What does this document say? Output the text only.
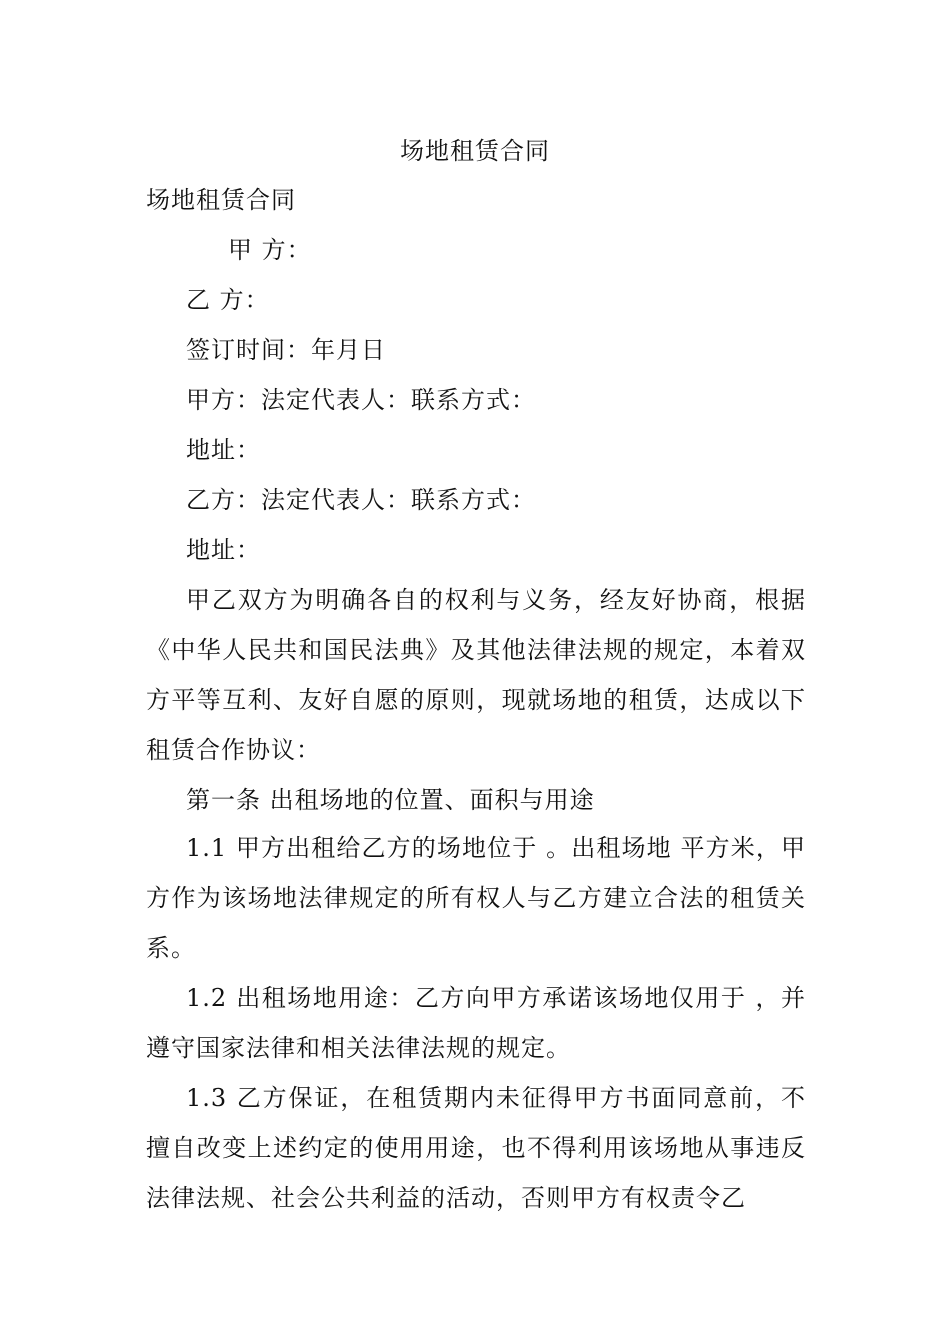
场地租赁合同
场地租赁合同
甲 方：
乙 方：
签订时间：年月日
甲方：法定代表人：联系方式：
地址：
乙方：法定代表人：联系方式：
地址：

甲乙双方为明确各自的权利与义务，经友好协商，根据《中华人民共和国民法典》及其他法律法规的规定，本着双方平等互利、友好自愿的原则，现就场地的租赁，达成以下租赁合作协议：

第一条 出租场地的位置、面积与用途

1.1 甲方出租给乙方的场地位于 。出租场地 平方米，甲方作为该场地法律规定的所有权人与乙方建立合法的租赁关系。

1.2 出租场地用途：乙方向甲方承诺该场地仅用于 ，并遵守国家法律和相关法律法规的规定。

1.3 乙方保证，在租赁期内未征得甲方书面同意前，不擅自改变上述约定的使用用途，也不得利用该场地从事违反法律法规、社会公共利益的活动，否则甲方有权责令乙
